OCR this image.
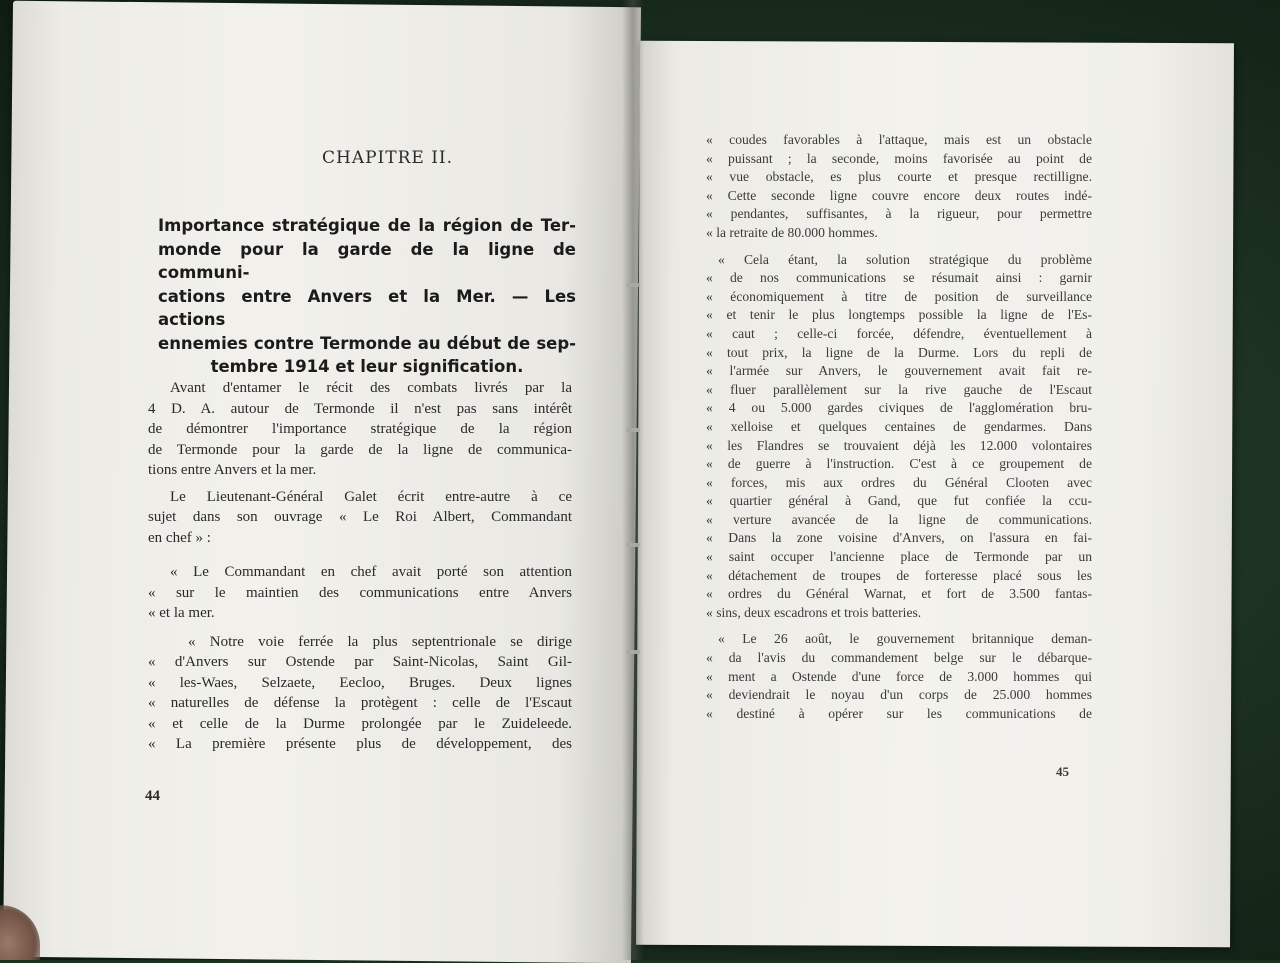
CHAPITRE II.
Importance stratégique de la région de Ter-
monde pour la garde de la ligne de communi-
cations entre Anvers et la Mer. — Les actions
ennemies contre Termonde au début de sep-
tembre 1914 et leur signification.
Avant d'entamer le récit des combats livrés par la
4 D. A. autour de Termonde il n'est pas sans intérêt
de démontrer l'importance stratégique de la région
de Termonde pour la garde de la ligne de communica-
tions entre Anvers et la mer.
Le Lieutenant-Général Galet écrit entre-autre à ce
sujet dans son ouvrage « Le Roi Albert, Commandant
en chef » :
« Le Commandant en chef avait porté son attention
« sur le maintien des communications entre Anvers
« et la mer.
« Notre voie ferrée la plus septentrionale se dirige
« d'Anvers sur Ostende par Saint-Nicolas, Saint Gil-
« les-Waes, Selzaete, Eecloo, Bruges. Deux lignes
« naturelles de défense la protègent : celle de l'Escaut
« et celle de la Durme prolongée par le Zuideleede.
« La première présente plus de développement, des
44
« coudes favorables à l'attaque, mais est un obstacle
« puissant ; la seconde, moins favorisée au point de
« vue obstacle, es plus courte et presque rectilligne.
« Cette seconde ligne couvre encore deux routes indé-
« pendantes, suffisantes, à la rigueur, pour permettre
« la retraite de 80.000 hommes.
« Cela étant, la solution stratégique du problème
« de nos communications se résumait ainsi : garnir
« économiquement à titre de position de surveillance
« et tenir le plus longtemps possible la ligne de l'Es-
« caut ; celle-ci forcée, défendre, éventuellement à
« tout prix, la ligne de la Durme. Lors du repli de
« l'armée sur Anvers, le gouvernement avait fait re-
« fluer parallèlement sur la rive gauche de l'Escaut
« 4 ou 5.000 gardes civiques de l'agglomération bru-
« xelloise et quelques centaines de gendarmes. Dans
« les Flandres se trouvaient déjà les 12.000 volontaires
« de guerre à l'instruction. C'est à ce groupement de
« forces, mis aux ordres du Général Clooten avec
« quartier général à Gand, que fut confiée la ccu-
« verture avancée de la ligne de communications.
« Dans la zone voisine d'Anvers, on l'assura en fai-
« saint occuper l'ancienne place de Termonde par un
« détachement de troupes de forteresse placé sous les
« ordres du Général Warnat, et fort de 3.500 fantas-
« sins, deux escadrons et trois batteries.
« Le 26 août, le gouvernement britannique deman-
« da l'avis du commandement belge sur le débarque-
« ment a Ostende d'une force de 3.000 hommes qui
« deviendrait le noyau d'un corps de 25.000 hommes
« destiné à opérer sur les communications de
45
